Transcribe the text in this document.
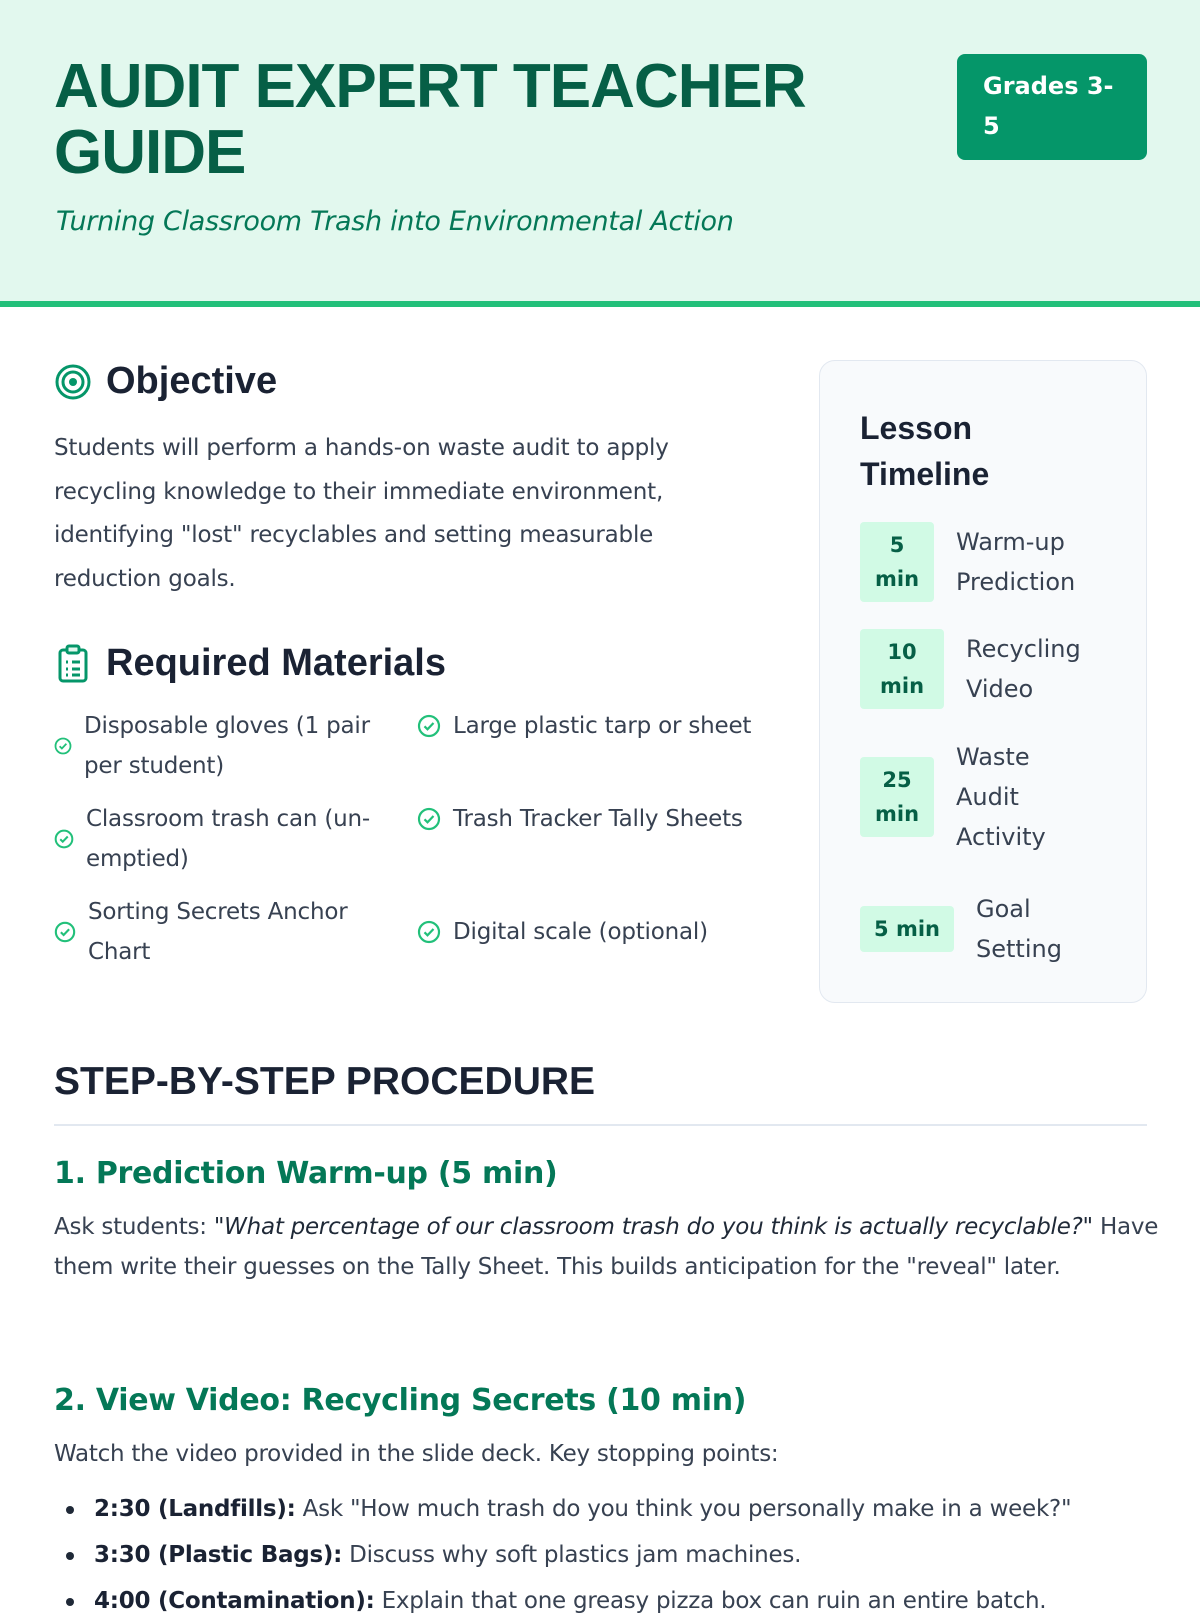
AUDIT EXPERT TEACHER GUIDE
Turning Classroom Trash into Environmental Action
Grades 3-5
Objective
Students will perform a hands-on waste audit to apply recycling knowledge to their immediate environment, identifying "lost" recyclables and setting measurable reduction goals.
Required Materials
Disposable gloves (1 pair per student)
Large plastic tarp or sheet
Classroom trash can (un-emptied)
Trash Tracker Tally Sheets
Sorting Secrets Anchor Chart
Digital scale (optional)
Lesson Timeline
5 min
Warm-up Prediction
10 min
Recycling Video
25 min
Waste Audit Activity
5 min
Goal Setting
STEP-BY-STEP PROCEDURE
1. Prediction Warm-up (5 min)
Ask students: "What percentage of our classroom trash do you think is actually recyclable?" Have them write their guesses on the Tally Sheet. This builds anticipation for the "reveal" later.
2. View Video: Recycling Secrets (10 min)
Watch the video provided in the slide deck. Key stopping points:
2:30 (Landfills): Ask "How much trash do you think you personally make in a week?"
3:30 (Plastic Bags): Discuss why soft plastics jam machines.
4:00 (Contamination): Explain that one greasy pizza box can ruin an entire batch.
